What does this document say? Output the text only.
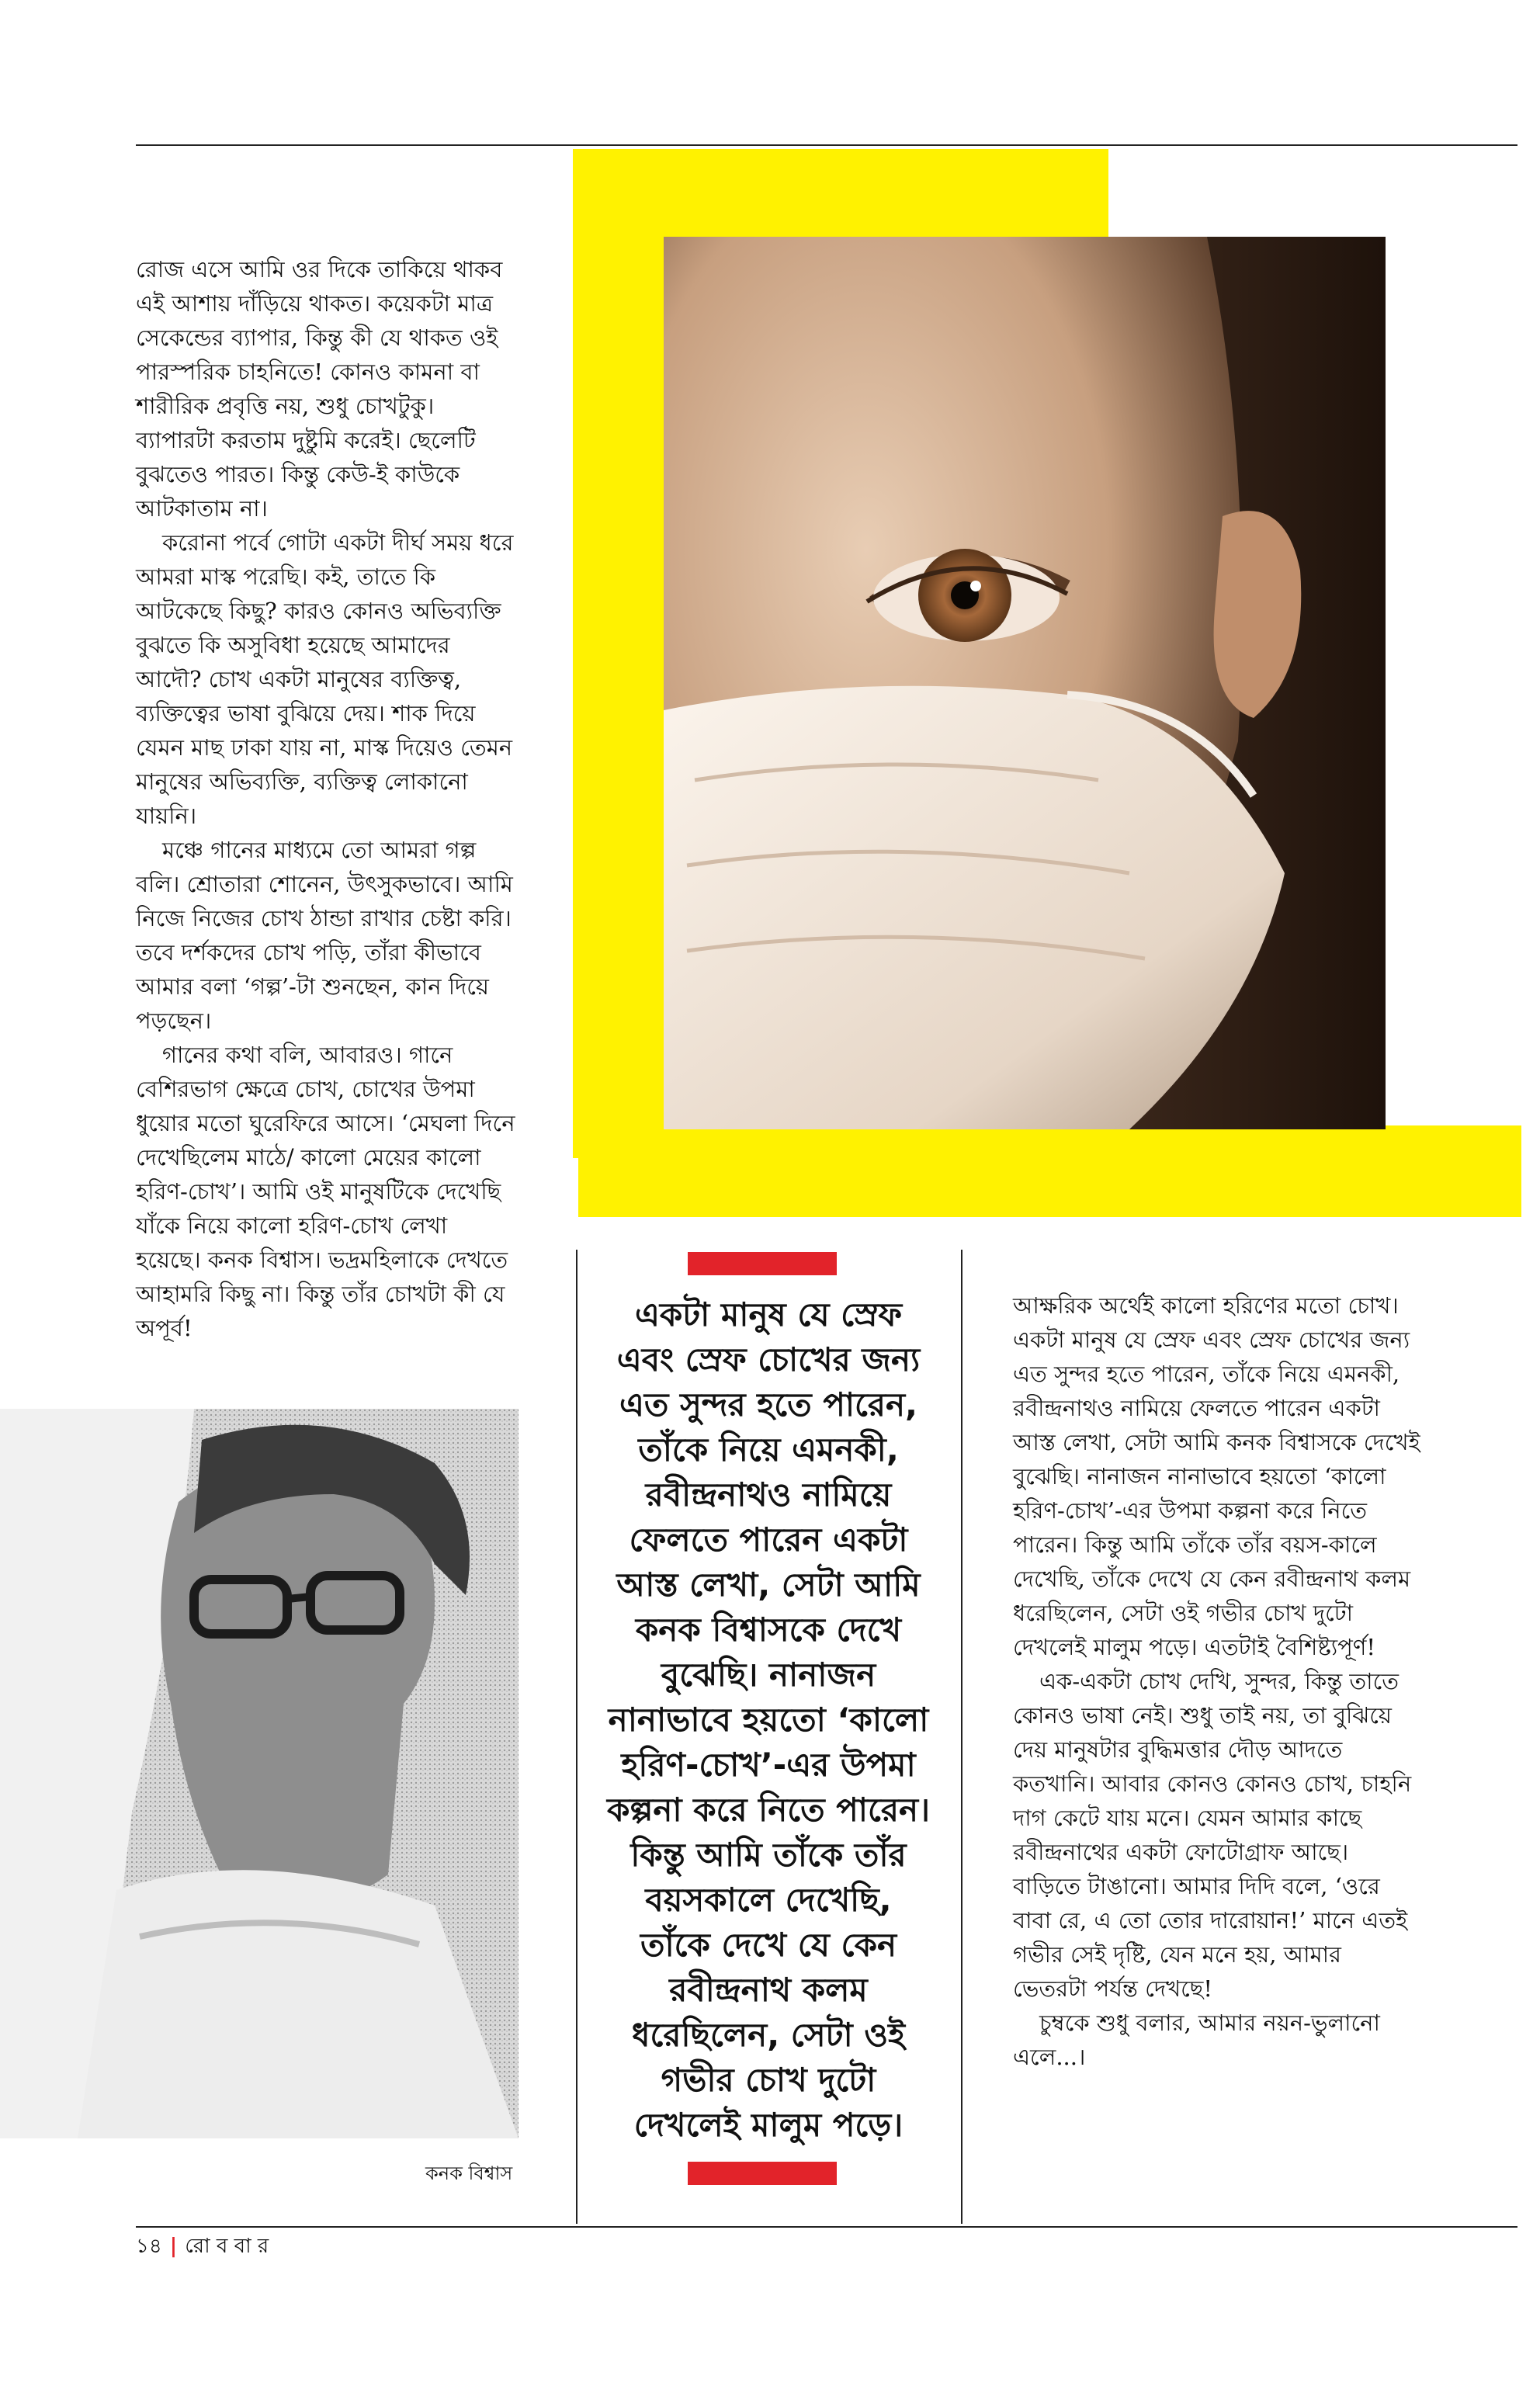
রোজ এসে আমি ওর দিকে তাকিয়ে থাকব এই আশায় দাঁড়িয়ে থাকত। কয়েকটা মাত্র সেকেন্ডের ব্যাপার, কিন্তু কী যে থাকত ওই পারস্পরিক চাহনিতে! কোনও কামনা বা শারীরিক প্রবৃত্তি নয়, শুধু চোখটুকু। ব্যাপারটা করতাম দুষ্টুমি করেই। ছেলেটি বুঝতেও পারত। কিন্তু কেউ-ই কাউকে আটকাতাম না।

করোনা পর্বে গোটা একটা দীর্ঘ সময় ধরে আমরা মাস্ক পরেছি। কই, তাতে কি আটকেছে কিছু? কারও কোনও অভিব্যক্তি বুঝতে কি অসুবিধা হয়েছে আমাদের আদৌ? চোখ একটা মানুষের ব্যক্তিত্ব, ব্যক্তিত্বের ভাষা বুঝিয়ে দেয়। শাক দিয়ে যেমন মাছ ঢাকা যায় না, মাস্ক দিয়েও তেমন মানুষের অভিব্যক্তি, ব্যক্তিত্ব লোকানো যায়নি।

মঞ্চে গানের মাধ্যমে তো আমরা গল্প বলি। শ্রোতারা শোনেন, উৎসুকভাবে। আমি নিজে নিজের চোখ ঠান্ডা রাখার চেষ্টা করি। তবে দর্শকদের চোখ পড়ি, তাঁরা কীভাবে আমার বলা ‘গল্প’-টা শুনছেন, কান দিয়ে পড়ছেন।

গানের কথা বলি, আবারও। গানে বেশিরভাগ ক্ষেত্রে চোখ, চোখের উপমা ধুয়োর মতো ঘুরেফিরে আসে। ‘মেঘলা দিনে দেখেছিলেম মাঠে/ কালো মেয়ের কালো হরিণ-চোখ’। আমি ওই মানুষটিকে দেখেছি যাঁকে নিয়ে কালো হরিণ-চোখ লেখা হয়েছে। কনক বিশ্বাস। ভদ্রমহিলাকে দেখতে আহামরি কিছু না। কিন্তু তাঁর চোখটা কী যে অপূর্ব!

কনক বিশ্বাস
একটা মানুষ যে স্রেফ এবং স্রেফ চোখের জন্য এত সুন্দর হতে পারেন, তাঁকে নিয়ে এমনকী, রবীন্দ্রনাথও নামিয়ে ফেলতে পারেন একটা আস্ত লেখা, সেটা আমি কনক বিশ্বাসকে দেখে বুঝেছি। নানাজন নানাভাবে হয়তো ‘কালো হরিণ-চোখ’-এর উপমা কল্পনা করে নিতে পারেন। কিন্তু আমি তাঁকে তাঁর বয়সকালে দেখেছি, তাঁকে দেখে যে কেন রবীন্দ্রনাথ কলম ধরেছিলেন, সেটা ওই গভীর চোখ দুটো দেখলেই মালুম পড়ে।

আক্ষরিক অর্থেই কালো হরিণের মতো চোখ। একটা মানুষ যে স্রেফ এবং স্রেফ চোখের জন্য এত সুন্দর হতে পারেন, তাঁকে নিয়ে এমনকী, রবীন্দ্রনাথও নামিয়ে ফেলতে পারেন একটা আস্ত লেখা, সেটা আমি কনক বিশ্বাসকে দেখেই বুঝেছি। নানাজন নানাভাবে হয়তো ‘কালো হরিণ-চোখ’-এর উপমা কল্পনা করে নিতে পারেন। কিন্তু আমি তাঁকে তাঁর বয়স-কালে দেখেছি, তাঁকে দেখে যে কেন রবীন্দ্রনাথ কলম ধরেছিলেন, সেটা ওই গভীর চোখ দুটো দেখলেই মালুম পড়ে। এতটাই বৈশিষ্ট্যপূর্ণ!

এক-একটা চোখ দেখি, সুন্দর, কিন্তু তাতে কোনও ভাষা নেই। শুধু তাই নয়, তা বুঝিয়ে দেয় মানুষটার বুদ্ধিমত্তার দৌড় আদতে কতখানি। আবার কোনও কোনও চোখ, চাহনি দাগ কেটে যায় মনে। যেমন আমার কাছে রবীন্দ্রনাথের একটা ফোটোগ্রাফ আছে। বাড়িতে টাঙানো। আমার দিদি বলে, ‘ওরে বাবা রে, এ তো তোর দারোয়ান!’ মানে এতই গভীর সেই দৃষ্টি, যেন মনে হয়, আমার ভেতরটা পর্যন্ত দেখছে!

চুম্বকে শুধু বলার, আমার নয়ন-ভুলানো এলে...।

১৪ | রো ব বা র
